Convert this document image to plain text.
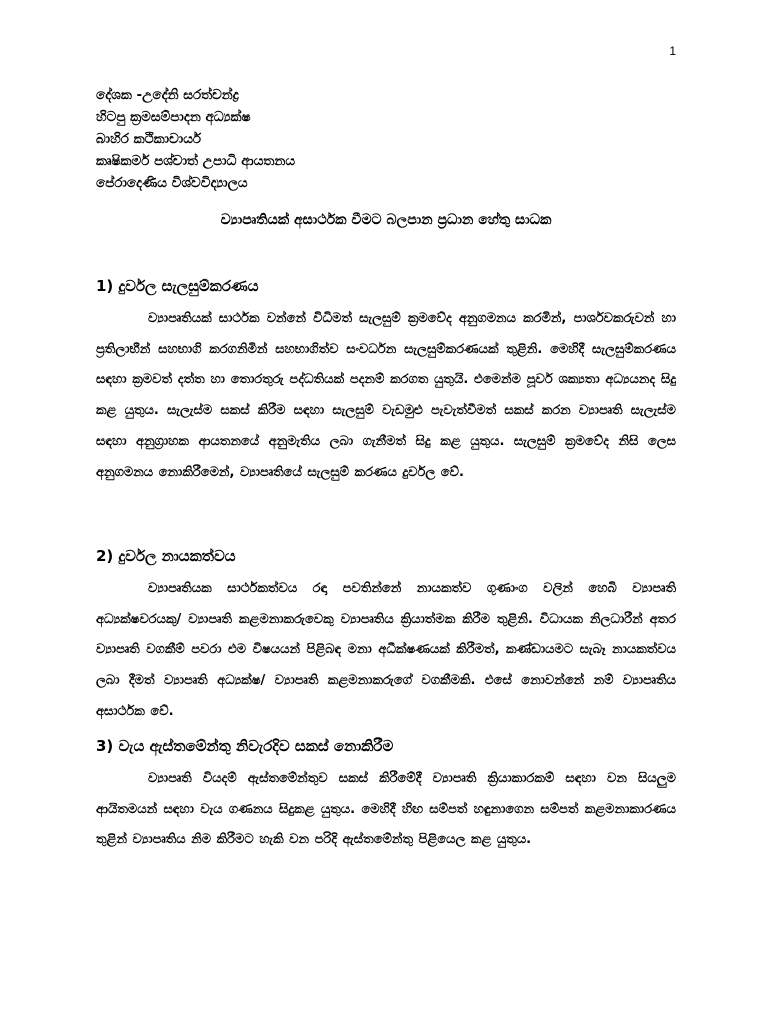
1
දේශක -උදේනි සරත්චන්ද්‍ර
හිටපු ක්‍රමසම්පාදන අධ්‍යක්ෂ
බාහිර කථිකාචාර්ය
කෘෂිකර්ම පශ්චාත් උපාධි ආයතනය
පේරාදෙණිය විශ්වවිද්‍යාලය
ව්‍යාපෘතියක් අසාර්ථක වීමට බලපාන ප්‍රධාන හේතු සාධක
1) දුර්වල සැලසුම්කරණය
ව්‍යාපෘතියක් සාර්ථක වන්නේ විධිමත් සැලසුම් ක්‍රමවේද අනුගමනය කරමින්, පාර්ශවකරුවන් හා ප්‍රතිලාභීන් සහභාගි කරගනිමින් සහභාගිත්ව සංවර්ධන සැලසුම්කරණයක් තුළිනි. මෙහිදී සැලසුම්කරණය සඳහා ක්‍රමවත් දත්ත හා තොරතුරු පද්ධතියක් පදනම් කරගත යුතුයි. එමෙන්ම පූර්ව ශක්‍යතා අධ්‍යයනද සිදු කළ යුතුය. සැලැස්ම සකස් කිරීම සඳහා සැලසුම් වැඩමුළු පැවැත්වීමත් සකස් කරන ව්‍යාපෘති සැලැස්ම සඳහා අනුග්‍රාහක ආයතනයේ අනුමැතිය ලබා ගැනීමත් සිදු කළ යුතුය. සැලසුම් ක්‍රමවේද නිසි ලෙස අනුගමනය නොකිරීමෙන්, ව්‍යාපෘතියේ සැලසුම් කරණය දුර්වල වේ.
2) දුර්වල නායකත්වය
ව්‍යාපෘතියක සාර්ථකත්වය රඳා පවතින්නේ නායකත්ව ගුණාංග වලින් හෙබි ව්‍යාපෘති අධ්‍යක්ෂවරයකු/ ව්‍යාපෘති කළමනාකරුවෙකු ව්‍යාපෘතිය ක්‍රියාත්මක කිරීම තුළිනි. විධායක නිලධාරීන් අතර ව්‍යාපෘති වගකීම් පවරා එම විෂයයන් පිළිබඳ මනා අධීක්ෂණයක් කිරීමත්, කණ්ඩායමට සැබෑ නායකත්වය ලබා දීමත් ව්‍යාපෘති අධ්‍යක්ෂ/ ව්‍යාපෘති කළමනාකරුගේ වගකීමකි. එසේ නොවන්නේ නම් ව්‍යාපෘතිය අසාර්ථක වේ.
3) වැය ඇස්තමේන්තු නිවැරදිව සකස් නොකිරීම
ව්‍යාපෘති වියදම් ඇස්තමේන්තුව සකස් කිරීමේදී ව්‍යාපෘති ක්‍රියාකාරකම් සඳහා වන සියලුම ආයිතමයන් සඳහා වැය ගණනය සිදුකළ යුතුය. මෙහිදී හිඟ සම්පත් හඳුනාගෙන සම්පත් කළමනාකාරණය තුළින් ව්‍යාපෘතිය නිම කිරීමට හැකි වන පරිදි ඇස්තමේන්තු පිළියෙල කළ යුතුය.
